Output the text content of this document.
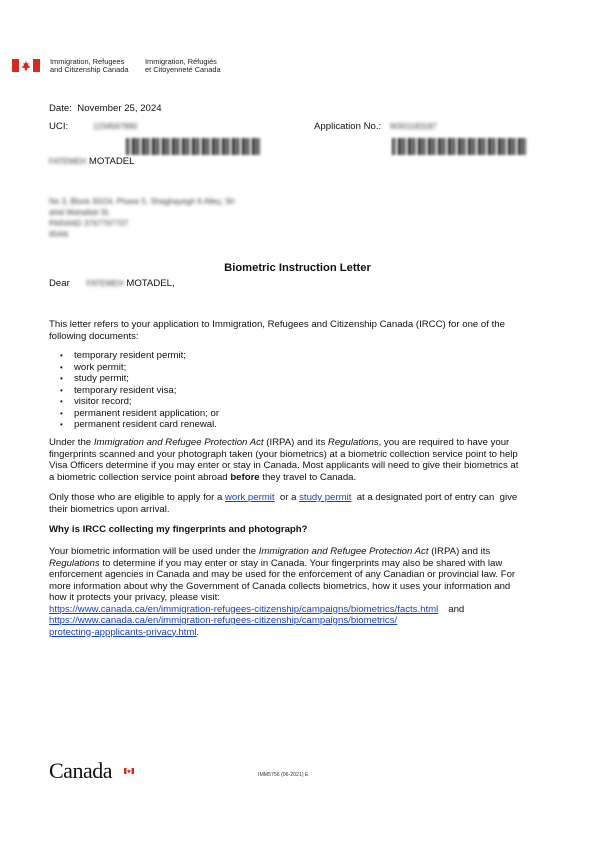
Immigration, Refugees
and Citizenship Canada
Immigration, Réfugiés
et Citoyenneté Canada
Date: November 25, 2024
UCI:	1234567890	Application No.: W301183187
FATEMEH MOTADEL
No 3, Block 30/24, Phase 5, Shaghayegh 6 Alley, Sh
ahid Mahallati St.
PARAND 3767797707
IRAN
Biometric Instruction Letter
Dear FATEMEH MOTADEL,
This letter refers to your application to Immigration, Refugees and Citizenship Canada (IRCC) for one of the
following documents:
• temporary resident permit;
• work permit;
• study permit;
• temporary resident visa;
• visitor record;
• permanent resident application; or
• permanent resident card renewal.
Under the Immigration and Refugee Protection Act (IRPA) and its Regulations, you are required to have your
fingerprints scanned and your photograph taken (your biometrics) at a biometric collection service point to help
Visa Officers determine if you may enter or stay in Canada. Most applicants will need to give their biometrics at
a biometric collection service point abroad before they travel to Canada.
Only those who are eligible to apply for a work permit  or a study permit  at a designated port of entry can  give
their biometrics upon arrival.
Why is IRCC collecting my fingerprints and photograph?
Your biometric information will be used under the Immigration and Refugee Protection Act (IRPA) and its
Regulations to determine if you may enter or stay in Canada. Your fingerprints may also be shared with law
enforcement agencies in Canada and may be used for the enforcement of any Canadian or provincial law. For
more information about why the Government of Canada collects biometrics, how it uses your information and
how it protects your privacy, please visit:
https://www.canada.ca/en/immigration-refugees-citizenship/campaigns/biometrics/facts.html and
https://www.canada.ca/en/immigration-refugees-citizenship/campaigns/biometrics/
protecting-appplicants-privacy.html.
Canada	IMM5756 (06-2021) E
